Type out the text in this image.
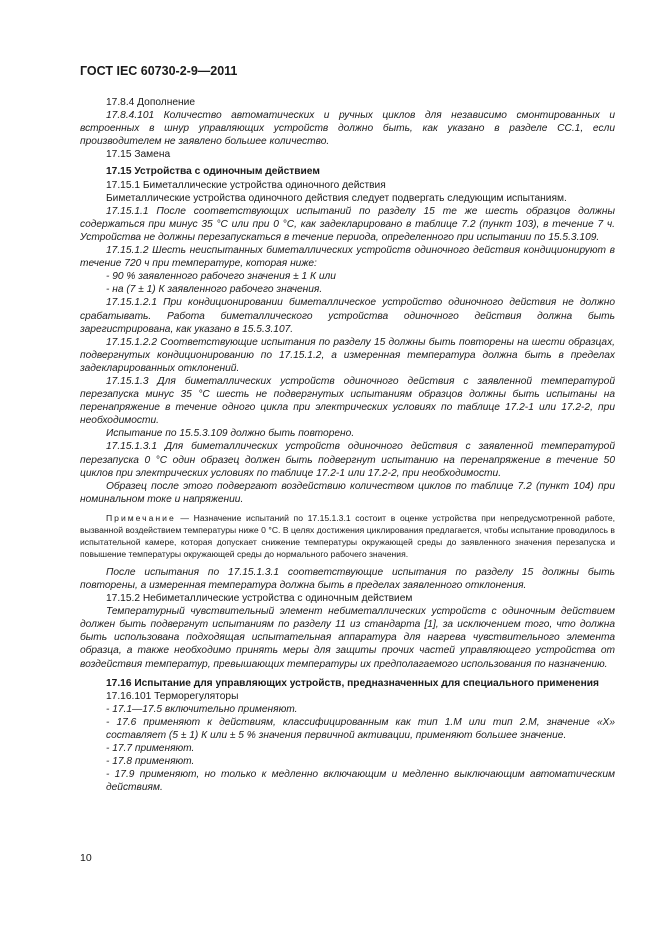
ГОСТ IEC 60730-2-9—2011

17.8.4 Дополнение

17.8.4.101 Количество автоматических и ручных циклов для независимо смонтированных и встроенных в шнур управляющих устройств должно быть, как указано в разделе СС.1, если производителем не заявлено большее количество.

17.15 Замена

17.15 Устройства с одиночным действием

17.15.1 Биметаллические устройства одиночного действия

Биметаллические устройства одиночного действия следует подвергать следующим испытаниям.

17.15.1.1 После соответствующих испытаний по разделу 15 те же шесть образцов должны содержаться при минус 35 °С или при 0 °С, как задекларировано в таблице 7.2 (пункт 103), в течение 7 ч. Устройства не должны перезапускаться в течение периода, определенного при испытании по 15.5.3.109.

17.15.1.2 Шесть неиспытанных биметаллических устройств одиночного действия кондиционируют в течение 720 ч при температуре, которая ниже:

- 90 % заявленного рабочего значения ± 1 К или

- на (7 ± 1) К заявленного рабочего значения.

17.15.1.2.1 При кондиционировании биметаллическое устройство одиночного действия не должно срабатывать. Работа биметаллического устройства одиночного действия должна быть зарегистрирована, как указано в 15.5.3.107.

17.15.1.2.2 Соответствующие испытания по разделу 15 должны быть повторены на шести образцах, подвергнутых кондиционированию по 17.15.1.2, а измеренная температура должна быть в пределах задекларированных отклонений.

17.15.1.3 Для биметаллических устройств одиночного действия с заявленной температурой перезапуска минус 35 °С шесть не подвергнутых испытаниям образцов должны быть испытаны на перенапряжение в течение одного цикла при электрических условиях по таблице 17.2-1 или 17.2-2, при необходимости.

Испытание по 15.5.3.109 должно быть повторено.

17.15.1.3.1 Для биметаллических устройств одиночного действия с заявленной температурой перезапуска 0 °С один образец должен быть подвергнут испытанию на перенапряжение в течение 50 циклов при электрических условиях по таблице 17.2-1 или 17.2-2, при необходимости.

Образец после этого подвергают воздействию количеством циклов по таблице 7.2 (пункт 104) при номинальном токе и напряжении.

Примечание — Назначение испытаний по 17.15.1.3.1 состоит в оценке устройства при непредусмотренной работе, вызванной воздействием температуры ниже 0 °С. В целях достижения циклирования предлагается, чтобы испытание проводилось в испытательной камере, которая допускает снижение температуры окружающей среды до заявленного значения перезапуска и повышение температуры окружающей среды до нормального рабочего значения.

После испытания по 17.15.1.3.1 соответствующие испытания по разделу 15 должны быть повторены, а измеренная температура должна быть в пределах заявленного отклонения.

17.15.2 Небиметаллические устройства с одиночным действием

Температурный чувствительный элемент небиметаллических устройств с одиночным действием должен быть подвергнут испытаниям по разделу 11 из стандарта [1], за исключением того, что должна быть использована подходящая испытательная аппаратура для нагрева чувствительного элемента образца, а также необходимо принять меры для защиты прочих частей управляющего устройства от воздействия температур, превышающих температуры их предполагаемого использования по назначению.

17.16 Испытание для управляющих устройств, предназначенных для специального применения

17.16.101 Терморегуляторы

- 17.1—17.5 включительно применяют.

- 17.6 применяют к действиям, классифицированным как тип 1.М или тип 2.М, значение «Х» составляет (5 ± 1) К или ± 5 % значения первичной активации, применяют большее значение.

- 17.7 применяют.

- 17.8 применяют.

- 17.9 применяют, но только к медленно включающим и медленно выключающим автоматическим действиям.

10
